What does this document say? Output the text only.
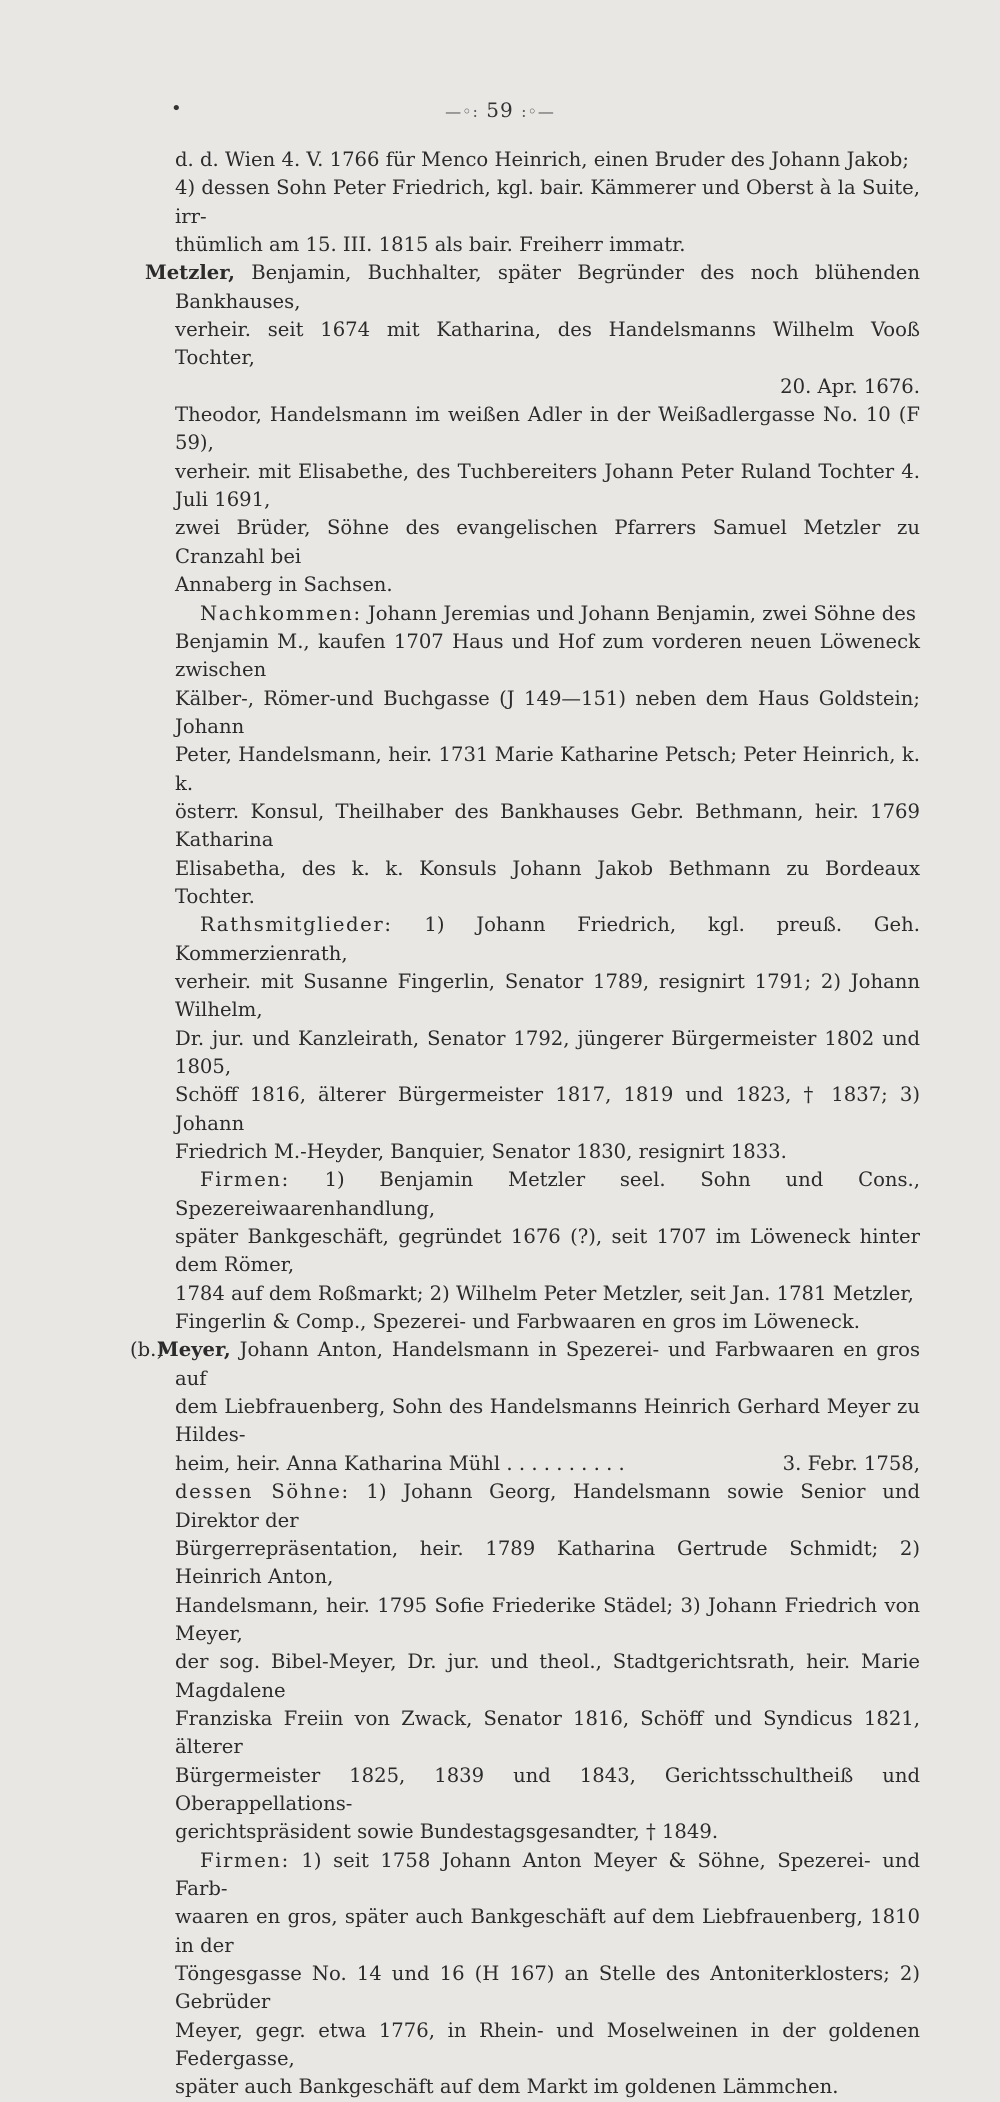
•	—◦: 59 :◦—
d. d. Wien 4. V. 1766 für Menco Heinrich, einen Bruder des Johann Jakob;
4) dessen Sohn Peter Friedrich, kgl. bair. Kämmerer und Oberst à la Suite, irr-
thümlich am 15. III. 1815 als bair. Freiherr immatr.
Metzler, Benjamin, Buchhalter, später Begründer des noch blühenden Bankhauses,
verheir. seit 1674 mit Katharina, des Handelsmanns Wilhelm Vooß Tochter,
20. Apr. 1676.
Theodor, Handelsmann im weißen Adler in der Weißadlergasse No. 10 (F 59),
verheir. mit Elisabethe, des Tuchbereiters Johann Peter Ruland Tochter 4. Juli 1691,
zwei Brüder, Söhne des evangelischen Pfarrers Samuel Metzler zu Cranzahl bei
Annaberg in Sachsen.
Nachkommen: Johann Jeremias und Johann Benjamin, zwei Söhne des
Benjamin M., kaufen 1707 Haus und Hof zum vorderen neuen Löweneck zwischen
Kälber-, Römer-und Buchgasse (J 149—151) neben dem Haus Goldstein; Johann
Peter, Handelsmann, heir. 1731 Marie Katharine Petsch; Peter Heinrich, k. k.
österr. Konsul, Theilhaber des Bankhauses Gebr. Bethmann, heir. 1769 Katharina
Elisabetha, des k. k. Konsuls Johann Jakob Bethmann zu Bordeaux Tochter.
Rathsmitglieder: 1) Johann Friedrich, kgl. preuß. Geh. Kommerzienrath,
verheir. mit Susanne Fingerlin, Senator 1789, resignirt 1791; 2) Johann Wilhelm,
Dr. jur. und Kanzleirath, Senator 1792, jüngerer Bürgermeister 1802 und 1805,
Schöff 1816, älterer Bürgermeister 1817, 1819 und 1823, † 1837; 3) Johann
Friedrich M.-Heyder, Banquier, Senator 1830, resignirt 1833.
Firmen: 1) Benjamin Metzler seel. Sohn und Cons., Spezereiwaarenhandlung,
später Bankgeschäft, gegründet 1676 (?), seit 1707 im Löweneck hinter dem Römer,
1784 auf dem Roßmarkt; 2) Wilhelm Peter Metzler, seit Jan. 1781 Metzler,
Fingerlin & Comp., Spezerei- und Farbwaaren en gros im Löweneck.
(b.)
Meyer, Johann Anton, Handelsmann in Spezerei- und Farbwaaren en gros auf
dem Liebfrauenberg, Sohn des Handelsmanns Heinrich Gerhard Meyer zu Hildes-
heim, heir. Anna Katharina Mühl . . . . . . . . . .	3. Febr. 1758,
dessen Söhne: 1) Johann Georg, Handelsmann sowie Senior und Direktor der
Bürgerrepräsentation, heir. 1789 Katharina Gertrude Schmidt; 2) Heinrich Anton,
Handelsmann, heir. 1795 Sofie Friederike Städel; 3) Johann Friedrich von Meyer,
der sog. Bibel-Meyer, Dr. jur. und theol., Stadtgerichtsrath, heir. Marie Magdalene
Franziska Freiin von Zwack, Senator 1816, Schöff und Syndicus 1821, älterer
Bürgermeister 1825, 1839 und 1843, Gerichtsschultheiß und Oberappellations-
gerichtspräsident sowie Bundestagsgesandter, † 1849.
Firmen: 1) seit 1758 Johann Anton Meyer & Söhne, Spezerei- und Farb-
waaren en gros, später auch Bankgeschäft auf dem Liebfrauenberg, 1810 in der
Töngesgasse No. 14 und 16 (H 167) an Stelle des Antoniterklosters; 2) Gebrüder
Meyer, gegr. etwa 1776, in Rhein- und Moselweinen in der goldenen Federgasse,
später auch Bankgeschäft auf dem Markt im goldenen Lämmchen.
